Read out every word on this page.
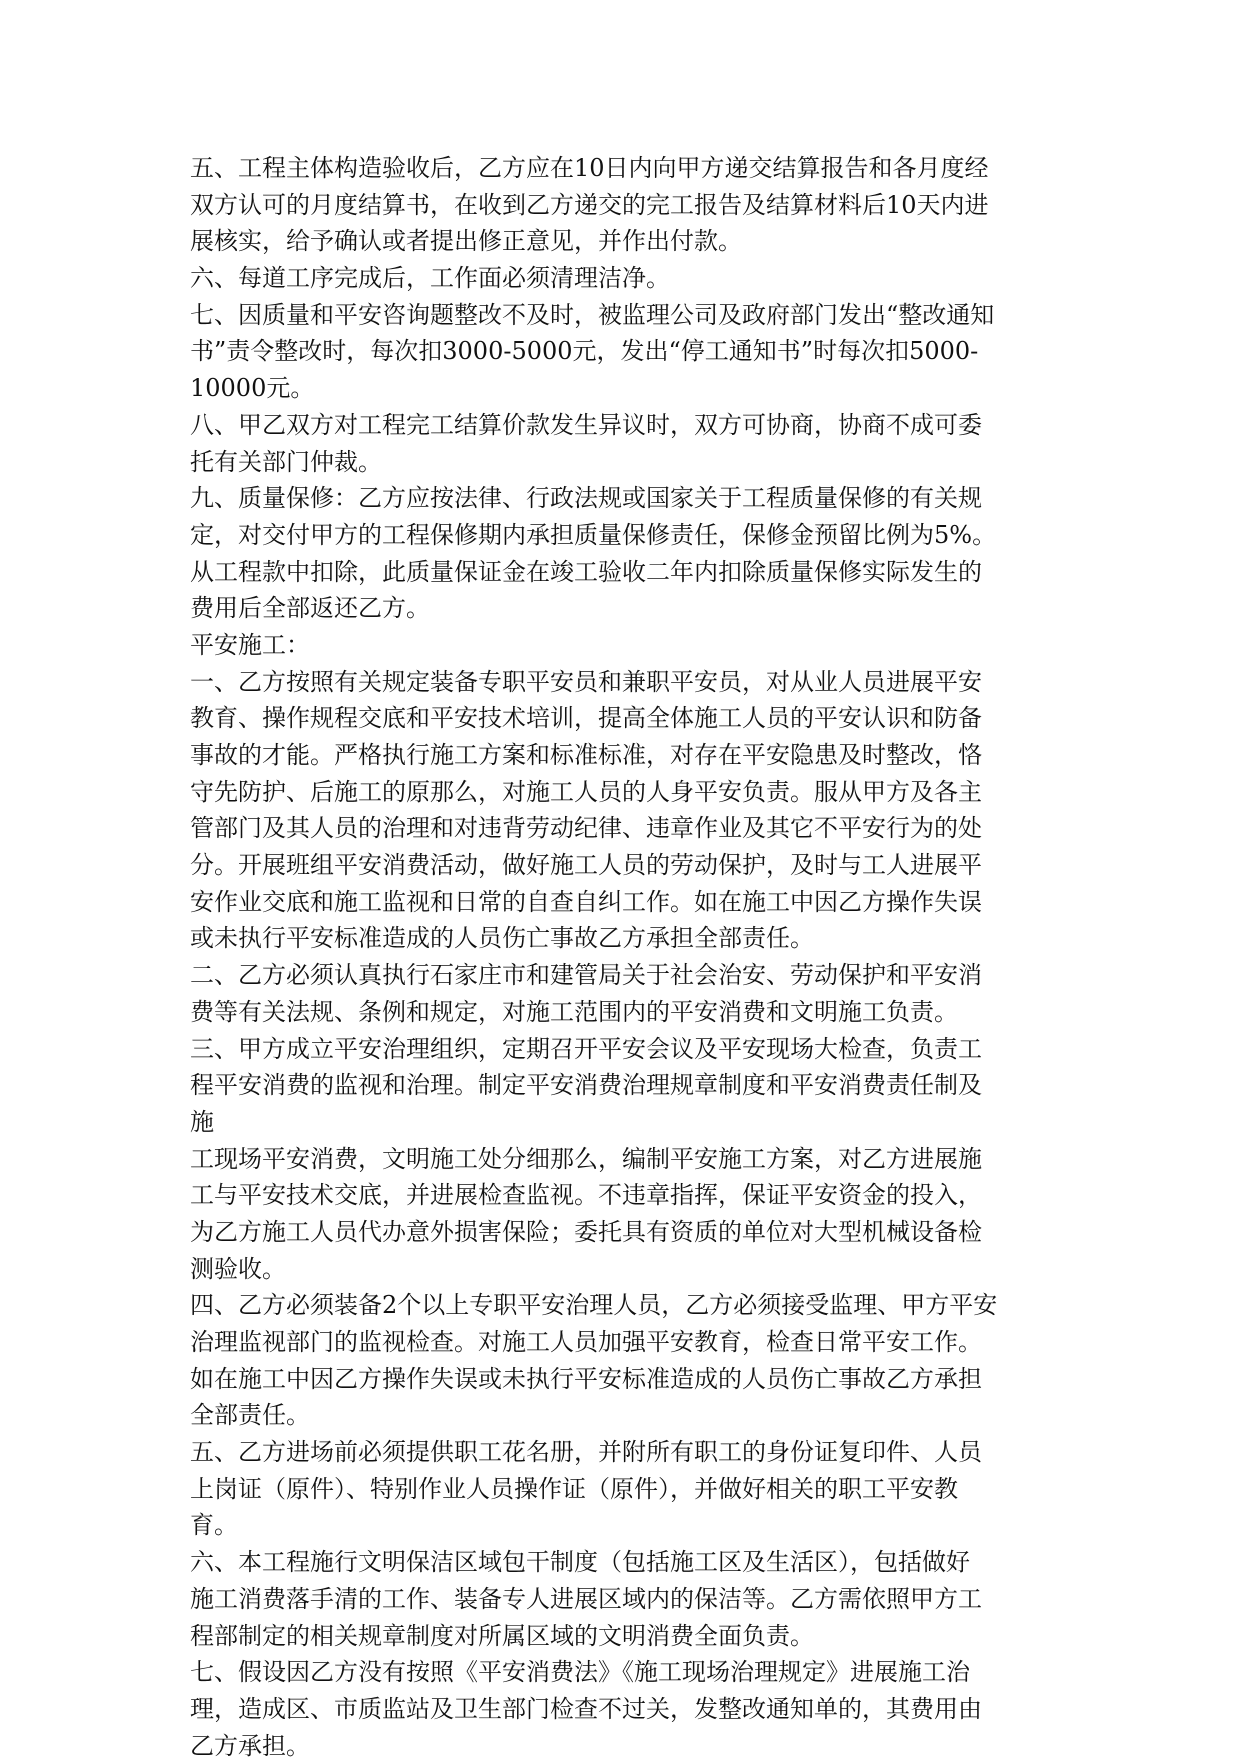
五、工程主体构造验收后，乙方应在10日内向甲方递交结算报告和各月度经
双方认可的月度结算书，在收到乙方递交的完工报告及结算材料后10天内进
展核实，给予确认或者提出修正意见，并作出付款。
六、每道工序完成后，工作面必须清理洁净。
七、因质量和平安咨询题整改不及时，被监理公司及政府部门发出“整改通知
书”责令整改时，每次扣3000-5000元，发出“停工通知书”时每次扣5000-
10000元。
八、甲乙双方对工程完工结算价款发生异议时，双方可协商，协商不成可委
托有关部门仲裁。
九、质量保修：乙方应按法律、行政法规或国家关于工程质量保修的有关规
定，对交付甲方的工程保修期内承担质量保修责任，保修金预留比例为5%。
从工程款中扣除，此质量保证金在竣工验收二年内扣除质量保修实际发生的
费用后全部返还乙方。
平安施工：
一、乙方按照有关规定装备专职平安员和兼职平安员，对从业人员进展平安
教育、操作规程交底和平安技术培训，提高全体施工人员的平安认识和防备
事故的才能。严格执行施工方案和标准标准，对存在平安隐患及时整改，恪
守先防护、后施工的原那么，对施工人员的人身平安负责。服从甲方及各主
管部门及其人员的治理和对违背劳动纪律、违章作业及其它不平安行为的处
分。开展班组平安消费活动，做好施工人员的劳动保护，及时与工人进展平
安作业交底和施工监视和日常的自查自纠工作。如在施工中因乙方操作失误
或未执行平安标准造成的人员伤亡事故乙方承担全部责任。
二、乙方必须认真执行石家庄市和建管局关于社会治安、劳动保护和平安消
费等有关法规、条例和规定，对施工范围内的平安消费和文明施工负责。
三、甲方成立平安治理组织，定期召开平安会议及平安现场大检查，负责工
程平安消费的监视和治理。制定平安消费治理规章制度和平安消费责任制及
施
工现场平安消费，文明施工处分细那么，编制平安施工方案，对乙方进展施
工与平安技术交底，并进展检查监视。不违章指挥，保证平安资金的投入，
为乙方施工人员代办意外损害保险；委托具有资质的单位对大型机械设备检
测验收。
四、乙方必须装备2个以上专职平安治理人员，乙方必须接受监理、甲方平安
治理监视部门的监视检查。对施工人员加强平安教育，检查日常平安工作。
如在施工中因乙方操作失误或未执行平安标准造成的人员伤亡事故乙方承担
全部责任。
五、乙方进场前必须提供职工花名册，并附所有职工的身份证复印件、人员
上岗证（原件）、特别作业人员操作证（原件），并做好相关的职工平安教
育。
六、本工程施行文明保洁区域包干制度（包括施工区及生活区），包括做好
施工消费落手清的工作、装备专人进展区域内的保洁等。乙方需依照甲方工
程部制定的相关规章制度对所属区域的文明消费全面负责。
七、假设因乙方没有按照《平安消费法》《施工现场治理规定》进展施工治
理，造成区、市质监站及卫生部门检查不过关，发整改通知单的，其费用由
乙方承担。
